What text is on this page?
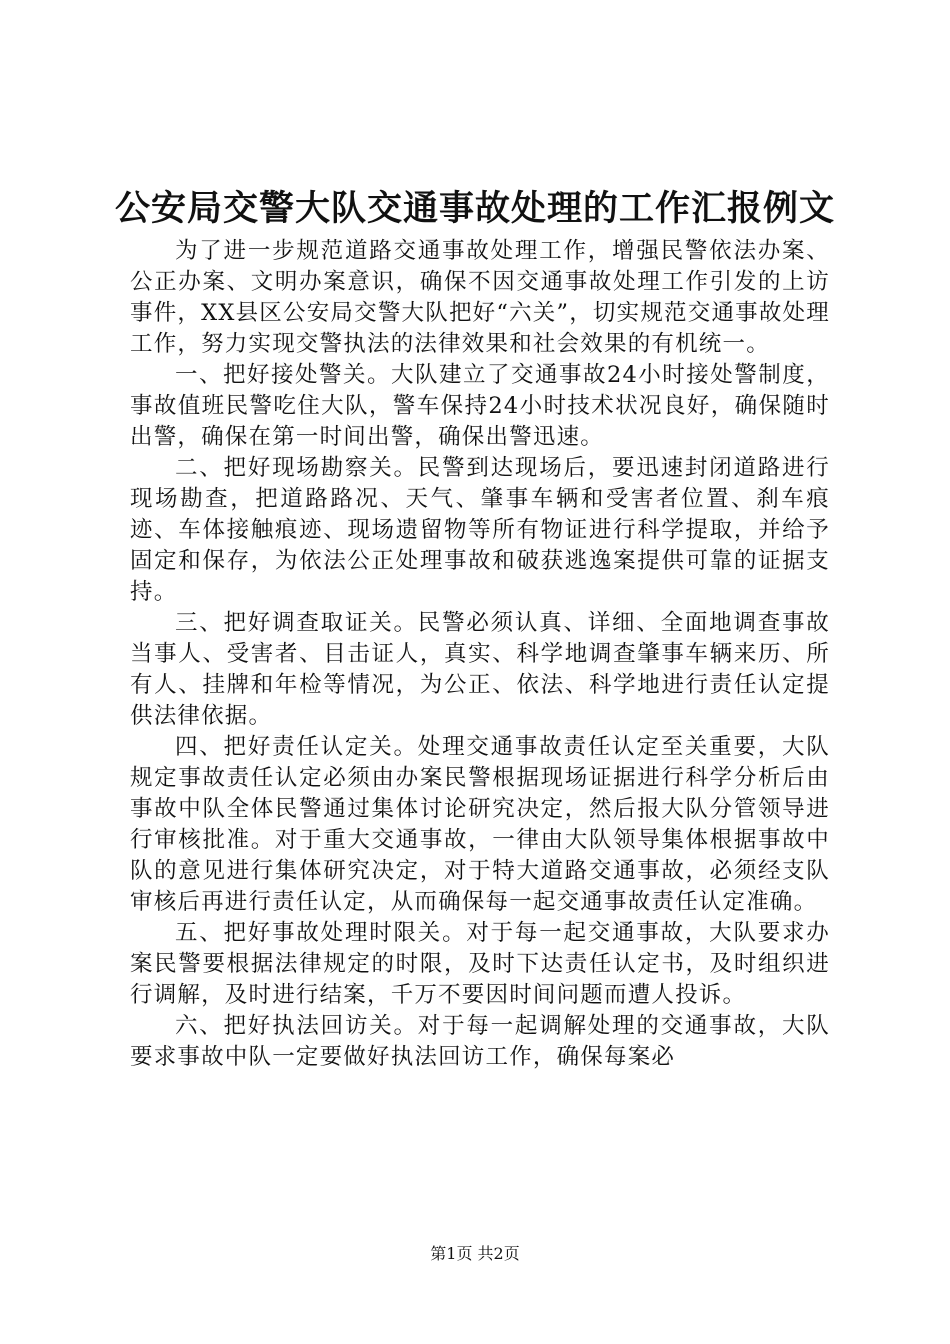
公安局交警大队交通事故处理的工作汇报例文

为了进一步规范道路交通事故处理工作，增强民警依法办案、公正办案、文明办案意识，确保不因交通事故处理工作引发的上访事件，XX县区公安局交警大队把好“六关”，切实规范交通事故处理工作，努力实现交警执法的法律效果和社会效果的有机统一。

一、把好接处警关。大队建立了交通事故24小时接处警制度，事故值班民警吃住大队，警车保持24小时技术状况良好，确保随时出警，确保在第一时间出警，确保出警迅速。

二、把好现场勘察关。民警到达现场后，要迅速封闭道路进行现场勘查，把道路路况、天气、肇事车辆和受害者位置、刹车痕迹、车体接触痕迹、现场遗留物等所有物证进行科学提取，并给予固定和保存，为依法公正处理事故和破获逃逸案提供可靠的证据支持。

三、把好调查取证关。民警必须认真、详细、全面地调查事故当事人、受害者、目击证人，真实、科学地调查肇事车辆来历、所有人、挂牌和年检等情况，为公正、依法、科学地进行责任认定提供法律依据。

四、把好责任认定关。处理交通事故责任认定至关重要，大队规定事故责任认定必须由办案民警根据现场证据进行科学分析后由事故中队全体民警通过集体讨论研究决定，然后报大队分管领导进行审核批准。对于重大交通事故，一律由大队领导集体根据事故中队的意见进行集体研究决定，对于特大道路交通事故，必须经支队审核后再进行责任认定，从而确保每一起交通事故责任认定准确。

五、把好事故处理时限关。对于每一起交通事故，大队要求办案民警要根据法律规定的时限，及时下达责任认定书，及时组织进行调解，及时进行结案，千万不要因时间问题而遭人投诉。

六、把好执法回访关。对于每一起调解处理的交通事故，大队要求事故中队一定要做好执法回访工作，确保每案必

第1页 共2页
